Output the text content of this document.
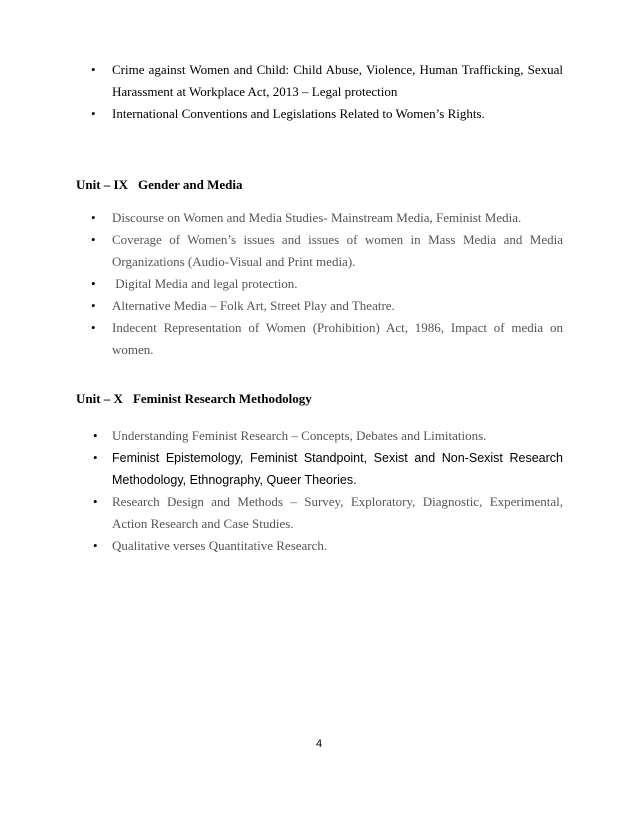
• Crime against Women and Child: Child Abuse, Violence, Human Trafficking, Sexual Harassment at Workplace Act, 2013 – Legal protection
• International Conventions and Legislations Related to Women’s Rights.
Unit – IX Gender and Media
• Discourse on Women and Media Studies- Mainstream Media, Feminist Media.
• Coverage of Women’s issues and issues of women in Mass Media and Media Organizations (Audio-Visual and Print media).
• Digital Media and legal protection.
• Alternative Media – Folk Art, Street Play and Theatre.
• Indecent Representation of Women (Prohibition) Act, 1986, Impact of media on women.
Unit – X Feminist Research Methodology
• Understanding Feminist Research – Concepts, Debates and Limitations.
• Feminist Epistemology, Feminist Standpoint, Sexist and Non-Sexist Research Methodology, Ethnography, Queer Theories.
• Research Design and Methods – Survey, Exploratory, Diagnostic, Experimental, Action Research and Case Studies.
• Qualitative verses Quantitative Research.
4
